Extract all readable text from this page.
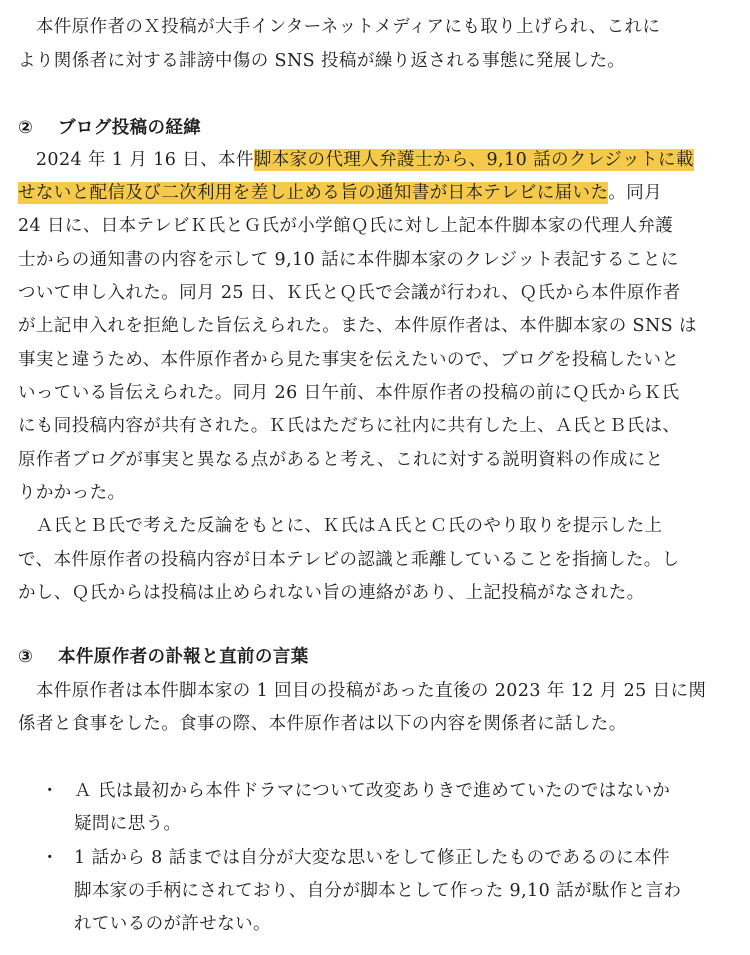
　本件原作者のＸ投稿が大手インターネットメディアにも取り上げられ、これに
より関係者に対する誹謗中傷の SNS 投稿が繰り返される事態に発展した。
② ブログ投稿の経緯
　2024 年 1 月 16 日、本件脚本家の代理人弁護士から、9,10 話のクレジットに載
せないと配信及び二次利用を差し止める旨の通知書が日本テレビに届いた。同月
24 日に、日本テレビＫ氏とＧ氏が小学館Ｑ氏に対し上記本件脚本家の代理人弁護
士からの通知書の内容を示して 9,10 話に本件脚本家のクレジット表記することに
ついて申し入れた。同月 25 日、Ｋ氏とＱ氏で会議が行われ、Ｑ氏から本件原作者
が上記申入れを拒絶した旨伝えられた。また、本件原作者は、本件脚本家の SNS は
事実と違うため、本件原作者から見た事実を伝えたいので、ブログを投稿したいと
いっている旨伝えられた。同月 26 日午前、本件原作者の投稿の前にＱ氏からＫ氏
にも同投稿内容が共有された。Ｋ氏はただちに社内に共有した上、Ａ氏とＢ氏は、
原作者ブログが事実と異なる点があると考え、これに対する説明資料の作成にと
りかかった。
　Ａ氏とＢ氏で考えた反論をもとに、Ｋ氏はＡ氏とＣ氏のやり取りを提示した上
で、本件原作者の投稿内容が日本テレビの認識と乖離していることを指摘した。し
かし、Ｑ氏からは投稿は止められない旨の連絡があり、上記投稿がなされた。
③ 本件原作者の訃報と直前の言葉
　本件原作者は本件脚本家の 1 回目の投稿があった直後の 2023 年 12 月 25 日に関
係者と食事をした。食事の際、本件原作者は以下の内容を関係者に話した。
・ Ａ 氏は最初から本件ドラマについて改変ありきで進めていたのではないか
疑問に思う。
・ 1 話から 8 話までは自分が大変な思いをして修正したものであるのに本件
脚本家の手柄にされており、自分が脚本として作った 9,10 話が駄作と言わ
れているのが許せない。
